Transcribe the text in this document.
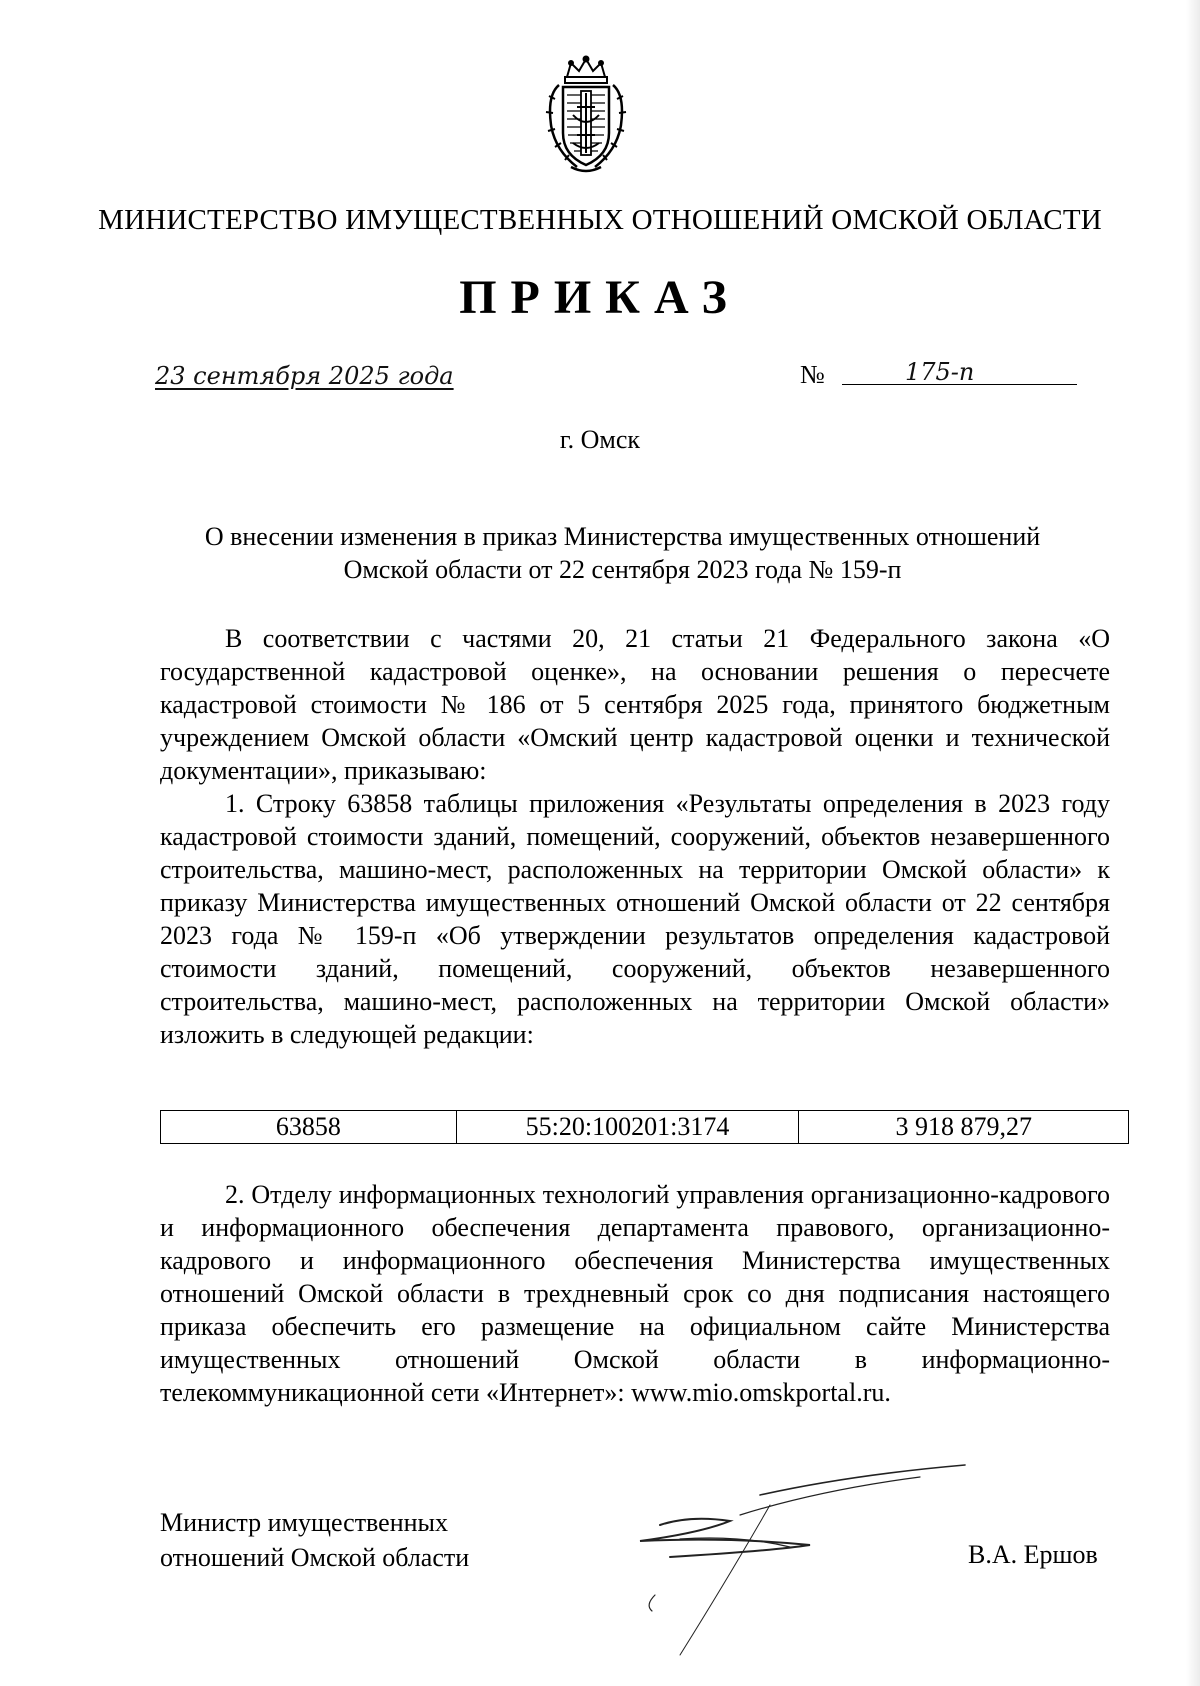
МИНИСТЕРСТВО ИМУЩЕСТВЕННЫХ ОТНОШЕНИЙ ОМСКОЙ ОБЛАСТИ
ПРИКАЗ
23 сентября 2025 года	№	175-п
г. Омск
О внесении изменения в приказ Министерства имущественных отношений
Омской области от 22 сентября 2023 года № 159-п

В соответствии с частями 20, 21 статьи 21 Федерального закона «О государственной кадастровой оценке», на основании решения о пересчете кадастровой стоимости № 186 от 5 сентября 2025 года, принятого бюджетным учреждением Омской области «Омский центр кадастровой оценки и технической документации», приказываю:

1. Строку 63858 таблицы приложения «Результаты определения в 2023 году кадастровой стоимости зданий, помещений, сооружений, объектов незавершенного строительства, машино-мест, расположенных на территории Омской области» к приказу Министерства имущественных отношений Омской области от 22 сентября 2023 года № 159-п «Об утверждении результатов определения кадастровой стоимости зданий, помещений, сооружений, объектов незавершенного строительства, машино-мест, расположенных на территории Омской области» изложить в следующей редакции:

63858	55:20:100201:3174	3 918 879,27

2. Отделу информационных технологий управления организационно-кадрового и информационного обеспечения департамента правового, организационно-кадрового и информационного обеспечения Министерства имущественных отношений Омской области в трехдневный срок со дня подписания настоящего приказа обеспечить его размещение на официальном сайте Министерства имущественных отношений Омской области в информационно-телекоммуникационной сети «Интернет»: www.mio.omskportal.ru.

Министр имущественных
отношений Омской области	В.А. Ершов
